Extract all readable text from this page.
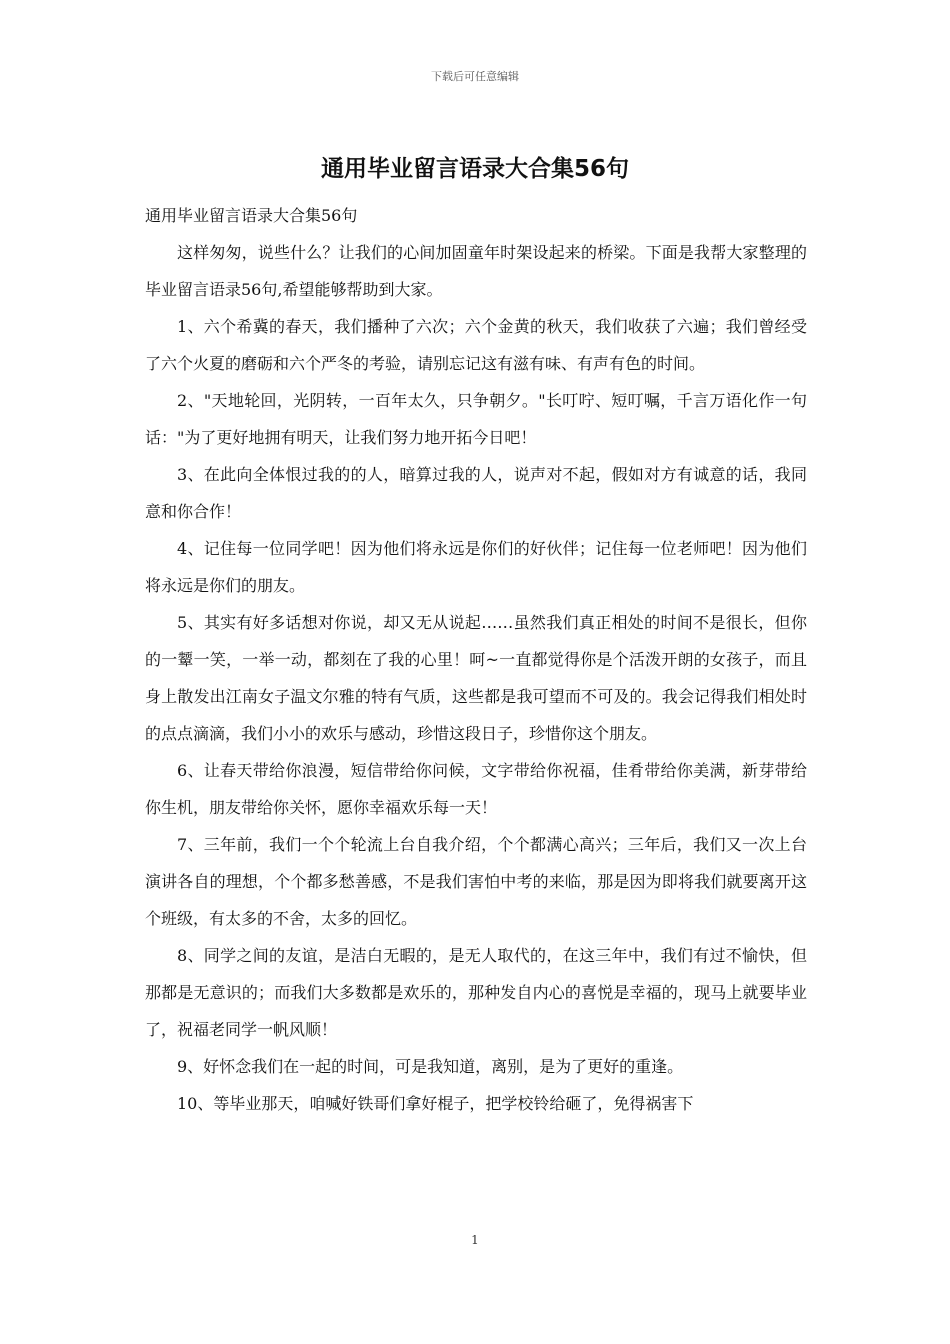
下载后可任意编辑
通用毕业留言语录大合集56句

通用毕业留言语录大合集56句

这样匆匆，说些什么？让我们的心间加固童年时架设起来的桥梁。下面是我帮大家整理的毕业留言语录56句,希望能够帮助到大家。

1、六个希冀的春天，我们播种了六次；六个金黄的秋天，我们收获了六遍；我们曾经受了六个火夏的磨砺和六个严冬的考验，请别忘记这有滋有味、有声有色的时间。

2、"天地轮回，光阴转，一百年太久，只争朝夕。"长叮咛、短叮嘱，千言万语化作一句话："为了更好地拥有明天，让我们努力地开拓今日吧！

3、在此向全体恨过我的的人，暗算过我的人，说声对不起，假如对方有诚意的话，我同意和你合作！

4、记住每一位同学吧！因为他们将永远是你们的好伙伴；记住每一位老师吧！因为他们将永远是你们的朋友。

5、其实有好多话想对你说，却又无从说起……虽然我们真正相处的时间不是很长，但你的一颦一笑，一举一动，都刻在了我的心里！呵~一直都觉得你是个活泼开朗的女孩子，而且身上散发出江南女子温文尔雅的特有气质，这些都是我可望而不可及的。我会记得我们相处时的点点滴滴，我们小小的欢乐与感动，珍惜这段日子，珍惜你这个朋友。

6、让春天带给你浪漫，短信带给你问候，文字带给你祝福，佳肴带给你美满，新芽带给你生机，朋友带给你关怀，愿你幸福欢乐每一天！

7、三年前，我们一个个轮流上台自我介绍，个个都满心高兴；三年后，我们又一次上台演讲各自的理想，个个都多愁善感，不是我们害怕中考的来临，那是因为即将我们就要离开这个班级，有太多的不舍，太多的回忆。

8、同学之间的友谊，是洁白无暇的，是无人取代的，在这三年中，我们有过不愉快，但那都是无意识的；而我们大多数都是欢乐的，那种发自内心的喜悦是幸福的，现马上就要毕业了，祝福老同学一帆风顺！

9、好怀念我们在一起的时间，可是我知道，离别，是为了更好的重逢。

10、等毕业那天，咱喊好铁哥们拿好棍子，把学校铃给砸了，免得祸害下

1
